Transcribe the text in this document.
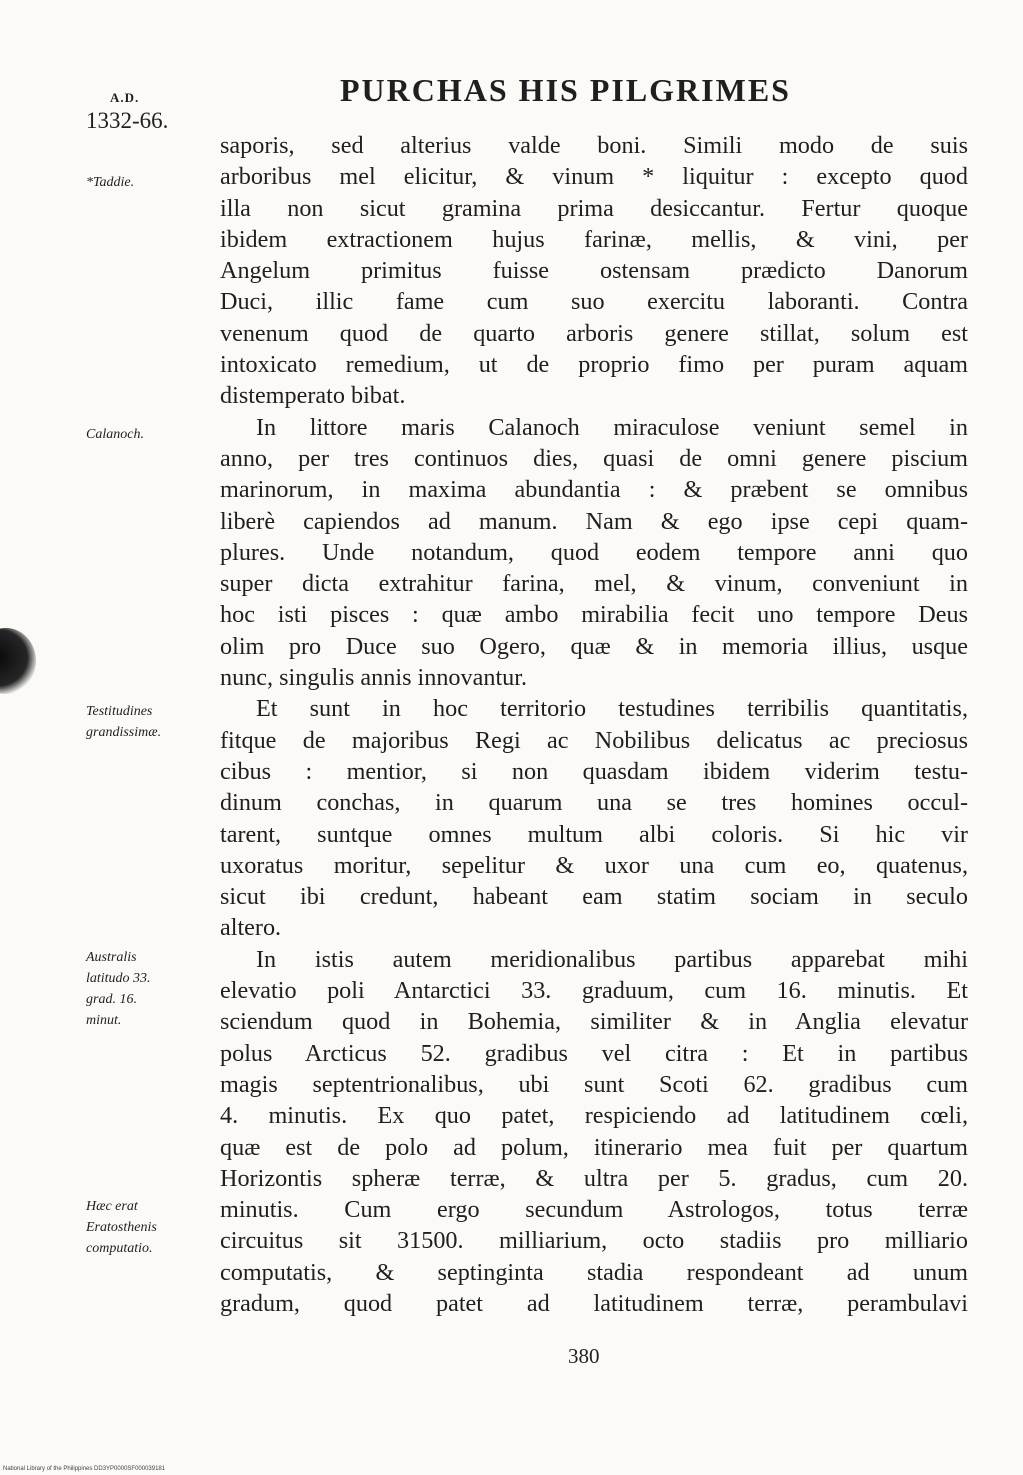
A.D.
1332-66.
PURCHAS HIS PILGRIMES
*Taddie.
Calanoch.
Testitudines
grandissimæ.
Australis
latitudo 33.
grad. 16.
minut.
Hæc erat
Eratosthenis
computatio.
saporis, sed alterius valde boni. Simili modo de suis
arboribus mel elicitur, & vinum * liquitur : excepto quod
illa non sicut gramina prima desiccantur. Fertur quoque
ibidem extractionem hujus farinæ, mellis, & vini, per
Angelum primitus fuisse ostensam prædicto Danorum
Duci, illic fame cum suo exercitu laboranti. Contra
venenum quod de quarto arboris genere stillat, solum est
intoxicato remedium, ut de proprio fimo per puram aquam
distemperato bibat.
In littore maris Calanoch miraculose veniunt semel in
anno, per tres continuos dies, quasi de omni genere piscium
marinorum, in maxima abundantia : & præbent se omnibus
liberè capiendos ad manum. Nam & ego ipse cepi quam-
plures. Unde notandum, quod eodem tempore anni quo
super dicta extrahitur farina, mel, & vinum, conveniunt in
hoc isti pisces : quæ ambo mirabilia fecit uno tempore Deus
olim pro Duce suo Ogero, quæ & in memoria illius, usque
nunc, singulis annis innovantur.
Et sunt in hoc territorio testudines terribilis quantitatis,
fitque de majoribus Regi ac Nobilibus delicatus ac preciosus
cibus : mentior, si non quasdam ibidem viderim testu-
dinum conchas, in quarum una se tres homines occul-
tarent, suntque omnes multum albi coloris. Si hic vir
uxoratus moritur, sepelitur & uxor una cum eo, quatenus,
sicut ibi credunt, habeant eam statim sociam in seculo
altero.
In istis autem meridionalibus partibus apparebat mihi
elevatio poli Antarctici 33. graduum, cum 16. minutis. Et
sciendum quod in Bohemia, similiter & in Anglia elevatur
polus Arcticus 52. gradibus vel citra : Et in partibus
magis septentrionalibus, ubi sunt Scoti 62. gradibus cum
4. minutis. Ex quo patet, respiciendo ad latitudinem cœli,
quæ est de polo ad polum, itinerario mea fuit per quartum
Horizontis spheræ terræ, & ultra per 5. gradus, cum 20.
minutis. Cum ergo secundum Astrologos, totus terræ
circuitus sit 31500. milliarium, octo stadiis pro milliario
computatis, & septinginta stadia respondeant ad unum
gradum, quod patet ad latitudinem terræ, perambulavi
380
National Library of the Philippines DD3YP0000SF000039181
